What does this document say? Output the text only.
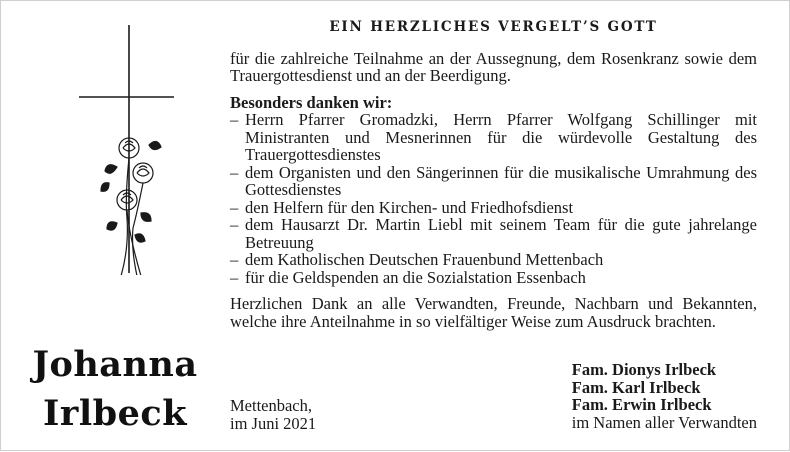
Johanna
Irlbeck
EIN HERZLICHES VERGELT’S GOTT
für die zahlreiche Teilnahme an der Aussegnung, dem Rosenkranz sowie dem Trauergottesdienst und an der Beerdigung.
Besonders danken wir:
– Herrn Pfarrer Gromadzki, Herrn Pfarrer Wolfgang Schillinger mit Ministranten und Mesnerinnen für die würdevolle Gestaltung des Trauergottesdienstes
– dem Organisten und den Sängerinnen für die musikalische Umrahmung des Gottesdienstes
– den Helfern für den Kirchen- und Friedhofsdienst
– dem Hausarzt Dr. Martin Liebl mit seinem Team für die gute jahrelange Betreuung
– dem Katholischen Deutschen Frauenbund Mettenbach
– für die Geldspenden an die Sozialstation Essenbach
Herzlichen Dank an alle Verwandten, Freunde, Nachbarn und Bekannten, welche ihre Anteilnahme in so vielfältiger Weise zum Ausdruck brachten.
Mettenbach,
im Juni 2021
Fam. Dionys Irlbeck
Fam. Karl Irlbeck
Fam. Erwin Irlbeck
im Namen aller Verwandten
